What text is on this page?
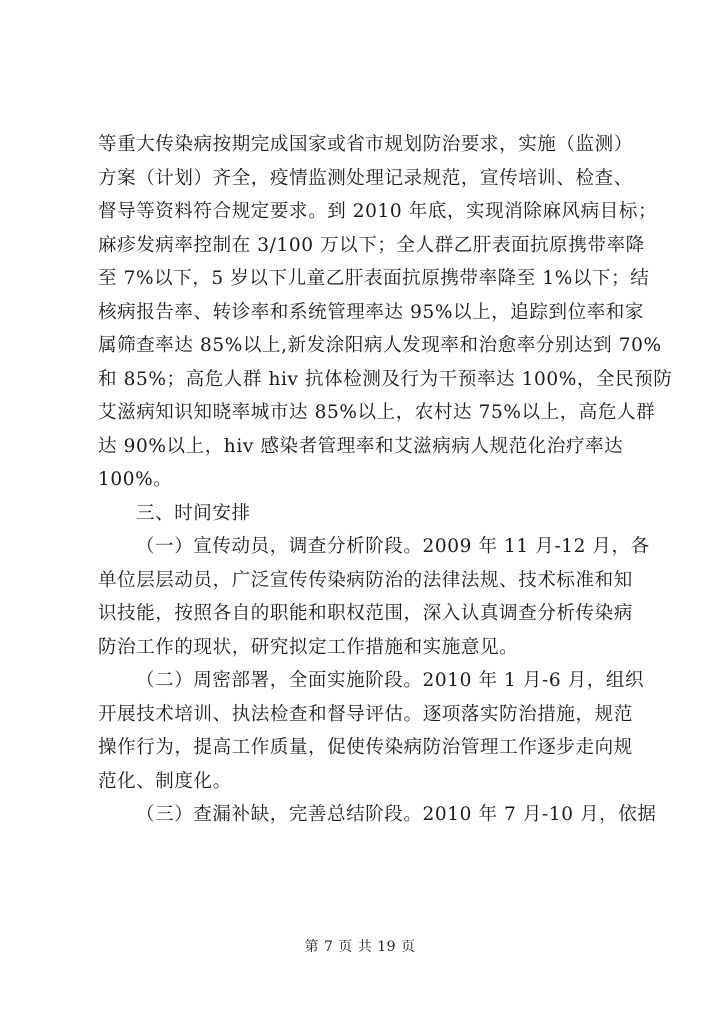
等重大传染病按期完成国家或省市规划防治要求，实施（监测）
方案（计划）齐全，疫情监测处理记录规范，宣传培训、检查、
督导等资料符合规定要求。到 2010 年底，实现消除麻风病目标；
麻疹发病率控制在 3/100 万以下；全人群乙肝表面抗原携带率降
至 7%以下，5 岁以下儿童乙肝表面抗原携带率降至 1%以下；结
核病报告率、转诊率和系统管理率达 95%以上，追踪到位率和家
属筛查率达 85%以上,新发涂阳病人发现率和治愈率分别达到 70%
和 85%；高危人群 hiv 抗体检测及行为干预率达 100%，全民预防
艾滋病知识知晓率城市达 85%以上，农村达 75%以上，高危人群
达 90%以上，hiv 感染者管理率和艾滋病病人规范化治疗率达
100%。
三、时间安排
（一）宣传动员，调查分析阶段。2009 年 11 月-12 月，各
单位层层动员，广泛宣传传染病防治的法律法规、技术标准和知
识技能，按照各自的职能和职权范围，深入认真调查分析传染病
防治工作的现状，研究拟定工作措施和实施意见。
（二）周密部署，全面实施阶段。2010 年 1 月-6 月，组织
开展技术培训、执法检查和督导评估。逐项落实防治措施，规范
操作行为，提高工作质量，促使传染病防治管理工作逐步走向规
范化、制度化。
（三）查漏补缺，完善总结阶段。2010 年 7 月-10 月，依据
第 7 页 共 19 页
